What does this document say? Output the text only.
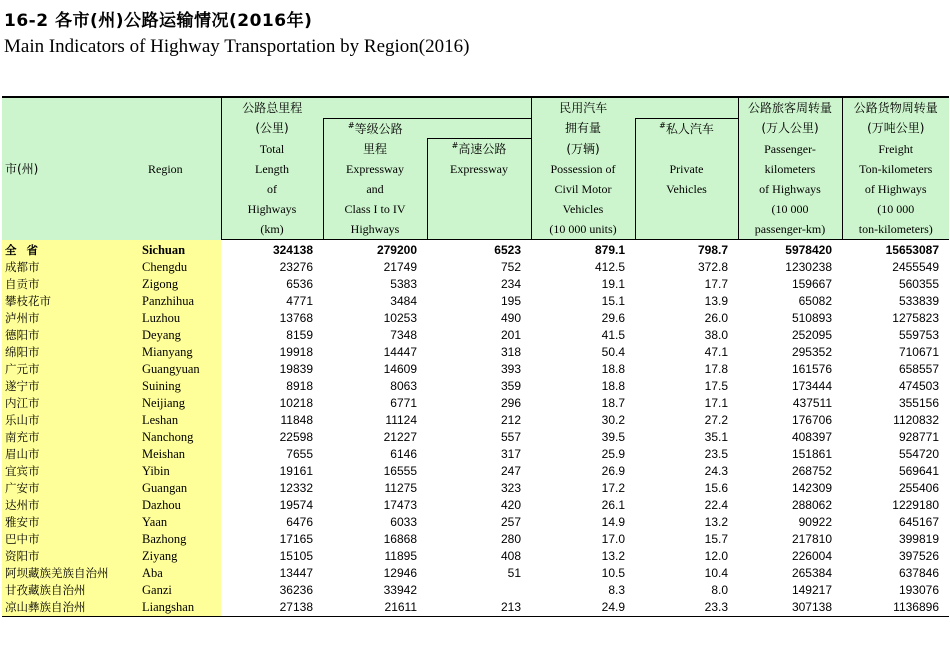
16-2 各市(州)公路运输情况(2016年)
Main Indicators of Highway Transportation by Region(2016)
市(州)	Region	公路总里程			民用汽车		公路旅客周转量	公路货物周转量
		(公里)	#等级公路		拥有量	#私人汽车	(万人公里)	(万吨公里)
		Total	里程	#高速公路	(万辆)		Passenger-	Freight
		Length	Expressway	Expressway	Possession of	Private	kilometers	Ton-kilometers
		of	and		Civil Motor	Vehicles	of Highways	of Highways
		Highways	Class I to IV		Vehicles		(10 000	(10 000
		(km)	Highways		(10 000 units)		passenger-km)	ton-kilometers)
全省	Sichuan	324138	279200	6523	879.1	798.7	5978420	15653087
成都市	Chengdu	23276	21749	752	412.5	372.8	1230238	2455549
自贡市	Zigong	6536	5383	234	19.1	17.7	159667	560355
攀枝花市	Panzhihua	4771	3484	195	15.1	13.9	65082	533839
泸州市	Luzhou	13768	10253	490	29.6	26.0	510893	1275823
德阳市	Deyang	8159	7348	201	41.5	38.0	252095	559753
绵阳市	Mianyang	19918	14447	318	50.4	47.1	295352	710671
广元市	Guangyuan	19839	14609	393	18.8	17.8	161576	658557
遂宁市	Suining	8918	8063	359	18.8	17.5	173444	474503
内江市	Neijiang	10218	6771	296	18.7	17.1	437511	355156
乐山市	Leshan	11848	11124	212	30.2	27.2	176706	1120832
南充市	Nanchong	22598	21227	557	39.5	35.1	408397	928771
眉山市	Meishan	7655	6146	317	25.9	23.5	151861	554720
宜宾市	Yibin	19161	16555	247	26.9	24.3	268752	569641
广安市	Guangan	12332	11275	323	17.2	15.6	142309	255406
达州市	Dazhou	19574	17473	420	26.1	22.4	288062	1229180
雅安市	Yaan	6476	6033	257	14.9	13.2	90922	645167
巴中市	Bazhong	17165	16868	280	17.0	15.7	217810	399819
资阳市	Ziyang	15105	11895	408	13.2	12.0	226004	397526
阿坝藏族羌族自治州	Aba	13447	12946	51	10.5	10.4	265384	637846
甘孜藏族自治州	Ganzi	36236	33942		8.3	8.0	149217	193076
凉山彝族自治州	Liangshan	27138	21611	213	24.9	23.3	307138	1136896
